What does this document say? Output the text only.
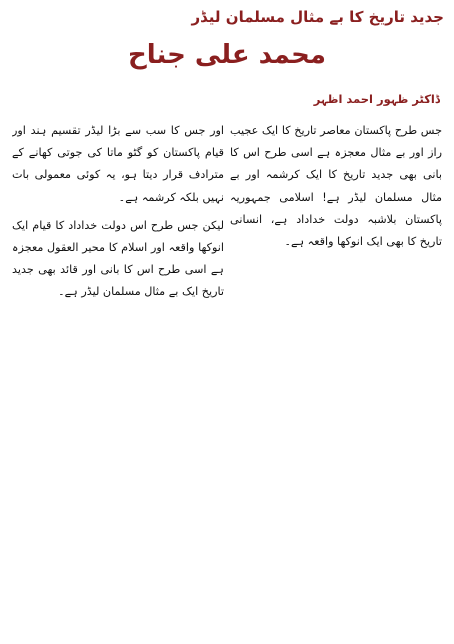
جدید تاریخ کا بے مثال مسلمان لیڈر
محمد علی جناح
ڈاکٹر ظہور احمد اظہر

جس طرح پاکستان معاصر تاریخ کا ایک عجیب راز اور بے مثال معجزہ ہے اسی طرح اس کا بانی بھی جدید تاریخ کا ایک کرشمہ اور بے مثال مسلمان لیڈر ہے! اسلامی جمہوریہ پاکستان بلاشبہ دولت خداداد ہے، انسانی تاریخ کا بھی ایک انوکھا واقعہ ہے۔

اور جس کا سب سے بڑا لیڈر تقسیم ہند اور قیام پاکستان کو گٹو ماتا کی جوتی کھانے کے مترادف قرار دیتا ہو، یہ کوئی معمولی بات نہیں بلکہ کرشمہ ہے۔

لیکن جس طرح اس دولت خداداد کا قیام ایک انوکھا واقعہ اور اسلام کا محیر العقول معجزہ ہے اسی طرح اس کا بانی اور قائد بھی جدید تاریخ ایک بے مثال مسلمان لیڈر ہے۔
